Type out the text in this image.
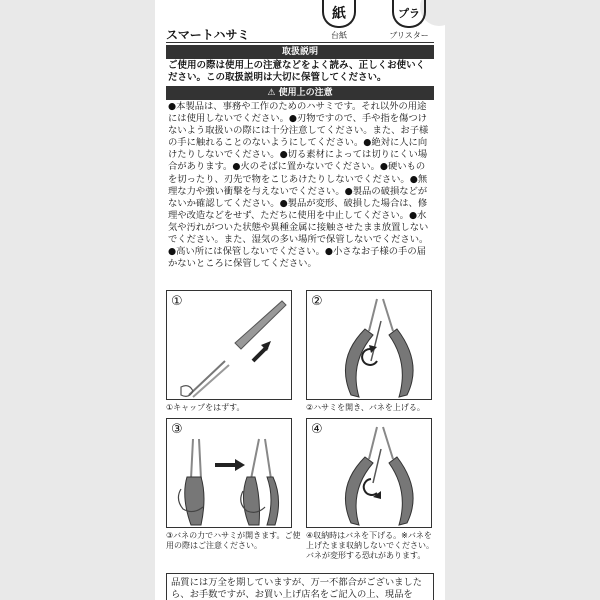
紙
台紙
プラ
ブリスター
スマートハサミ
取扱説明
ご使用の際は使用上の注意などをよく読み、正しくお使いください。この取扱説明は大切に保管してください。
⚠ 使用上の注意
●本製品は、事務や工作のためのハサミです。それ以外の用途には使用しないでください。●刃物ですので、手や指を傷つけないよう取扱いの際には十分注意してください。また、お子様の手に触れることのないようにしてください。●絶対に人に向けたりしないでください。●切る素材によっては切りにくい場合があります。●火のそばに置かないでください。●硬いものを切ったり、刃先で物をこじあけたりしないでください。●無理な力や強い衝撃を与えないでください。●製品の破損などがないか確認してください。●製品が変形、破損した場合は、修理や改造などをせず、ただちに使用を中止してください。●水気や汚れがついた状態や異種金属に接触させたまま放置しないでください。また、湿気の多い場所で保管しないでください。●高い所には保管しないでください。●小さなお子様の手の届かないところに保管してください。
①
①キャップをはずす。
②
②ハサミを開き、バネを上げる。
③
③バネの力でハサミが開きます。ご使用の際はご注意ください。
④
④収納時はバネを下げる。※バネを上げたまま収納しないでください。バネが変形する恐れがあります。
品質には万全を期していますが、万一不都合がございましたら、お手数ですが、お買い上げ店名をご記入の上、現品を
